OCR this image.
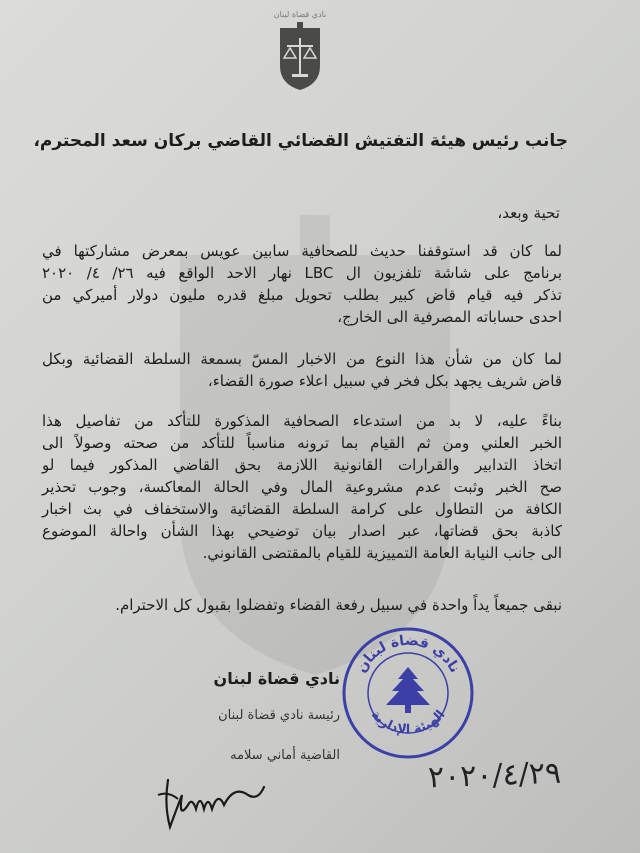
نادي قضاة لبنان
جانب رئيس هيئة التفتيش القضائي القاضي بركان سعد المحترم،
تحية وبعد،
لما كان قد استوقفنا حديث للصحافية سابين عويس بمعرض مشاركتها في
برنامج على شاشة تلفزيون ال LBC نهار الاحد الواقع فيه ٢٦/ ٤/ ٢٠٢٠
تذكر فيه قيام قاض كبير بطلب تحويل مبلغ قدره مليون دولار أميركي من
احدى حساباته المصرفية الى الخارج،
لما كان من شأن هذا النوع من الاخبار المسّ بسمعة السلطة القضائية وبكل
قاض شريف يجهد بكل فخر في سبيل اعلاء صورة القضاء،
بناءً عليه، لا بد من استدعاء الصحافية المذكورة للتأكد من تفاصيل هذا
الخبر العلني ومن ثم القيام بما ترونه مناسباً للتأكد من صحته وصولاً الى
اتخاذ التدابير والقرارات القانونية اللازمة بحق القاضي المذكور فيما لو
صح الخبر وثبت عدم مشروعية المال وفي الحالة المعاكسة، وجوب تحذير
الكافة من التطاول على كرامة السلطة القضائية والاستخفاف في بث اخبار
كاذبة بحق قضاتها، عبر اصدار بيان توضيحي بهذا الشأن واحالة الموضوع
الى جانب النيابة العامة التمييزية للقيام بالمقتضى القانوني.
نبقى جميعاً يداً واحدة في سبيل رفعة القضاء وتفضلوا بقبول كل الاحترام.
نادي قضاة لبنان
رئيسة نادي قضاة لبنان
القاضية أماني سلامه
نادي قضاة لبنان
الهيئة الإدارية
٢٠٢٠/٤/٢٩
